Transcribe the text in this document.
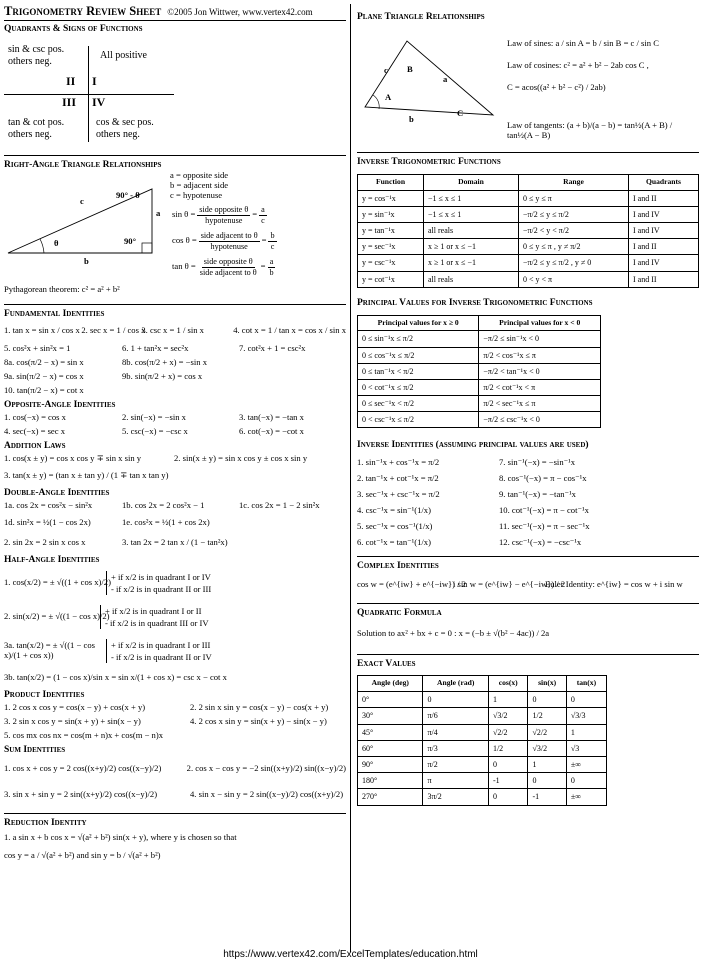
Trigonometry Review Sheet ©2005 Jon Wittwer, www.vertex42.com
Quadrants & Signs of Functions
sin & csc pos.
others neg.
All positive
II I
III IV
tan & cot pos.
others neg.
cos & sec pos.
others neg.
Right-Angle Triangle Relationships
c
a
b
90° - θ
θ	90°
a = opposite side
b = adjacent side
c = hypotenuse
$\sin \theta = \frac{\text{side opposite θ}}{\text{hypotenuse}} = \frac{a}{c}$
$\cos \theta = \frac{\text{side adjacent to θ}}{\text{hypotenuse}} = \frac{b}{c}$
$\tan \theta = \frac{\text{side opposite θ}}{\text{side adjacent to θ}} = \frac{a}{b}$
Pythagorean theorem: c² = a² + b²
Fundamental Identities
1. tan x = sin x / cos x 2. sec x = 1 / cos x
3. csc x = 1 / sin x	4. cot x = 1 / tan x = cos x / sin x
5. cos²x + sin²x = 1	6. 1 + tan²x = sec²x	7. cot²x + 1 = csc²x
8a. cos(π/2 − x) = sin x	8b. cos(π/2 + x) = −sin x
9a. sin(π/2 − x) = cos x	9b. sin(π/2 + x) = cos x
10. tan(π/2 − x) = cot x
Opposite-Angle Identities
1. cos(−x) = cos x	2. sin(−x) = −sin x	3. tan(−x) = −tan x
4. sec(−x) = sec x	5. csc(−x) = −csc x	6. cot(−x) = −cot x
Addition Laws
1. cos(x ± y) = cos x cos y ∓ sin x sin y	2. sin(x ± y) = sin x cos y ± cos x sin y
3. tan(x ± y) = (tan x ± tan y) / (1 ∓ tan x tan y)
Double-Angle Identities
1a. cos 2x = cos²x − sin²x	1b. cos 2x = 2 cos²x − 1	1c. cos 2x = 1 − 2 sin²x
1d. sin²x = ½(1 − cos 2x)	1e. cos²x = ½(1 + cos 2x)
2. sin 2x = 2 sin x cos x	3. tan 2x = 2 tan x / (1 − tan²x)
Half-Angle Identities
1. cos(x/2) = ± √((1 + cos x)/2)
+ if x/2 is in quadrant I or IV
- if x/2 is in quadrant II or III
2. sin(x/2) = ± √((1 − cos x)/2)
+ if x/2 is in quadrant I or II
- if x/2 is in quadrant III or IV
3a. tan(x/2) = ± √((1 − cos x)/(1 + cos x))
+ if x/2 is in quadrant I or III
- if x/2 is in quadrant II or IV
3b. tan(x/2) = (1 − cos x)/sin x = sin x/(1 + cos x) = csc x − cot x
Product Identities
1. 2 cos x cos y = cos(x − y) + cos(x + y)	2. 2 sin x sin y = cos(x − y) − cos(x + y)
3. 2 sin x cos y = sin(x + y) + sin(x − y)	4. 2 cos x sin y = sin(x + y) − sin(x − y)
5. cos mx cos nx = cos(m + n)x + cos(m − n)x
Sum Identities
1. cos x + cos y = 2 cos((x+y)/2) cos((x−y)/2)	2. cos x − cos y = −2 sin((x+y)/2) sin((x−y)/2)
3. sin x + sin y = 2 sin((x+y)/2) cos((x−y)/2)	4. sin x − sin y = 2 sin((x−y)/2) cos((x+y)/2)
Reduction Identity
1. a sin x + b cos x = √(a² + b²) sin(x + y), where y is chosen so that
cos y = a / √(a² + b²) and sin y = b / √(a² + b²)
Plane Triangle Relationships
c B
a
A
C
b
Law of sines: a / sin A = b / sin B = c / sin C
Law of cosines: c² = a² + b² − 2ab cos C ,
C = acos((a² + b² − c²) / 2ab)
Law of tangents: (a + b)/(a − b) = tan½(A + B) / tan½(A − B)
Inverse Trigonometric Functions
Function	Domain	Range	Quadrants
y = cos⁻¹x	−1 ≤ x ≤ 1	0 ≤ y ≤ π	I and II
y = sin⁻¹x	−1 ≤ x ≤ 1	−π/2 ≤ y ≤ π/2	I and IV
y = tan⁻¹x	all reals	−π/2 < y < π/2	I and IV
y = sec⁻¹x	x ≥ 1 or x ≤ −1	0 ≤ y ≤ π , y ≠ π/2	I and II
y = csc⁻¹x	x ≥ 1 or x ≤ −1	−π/2 ≤ y ≤ π/2 , y ≠ 0	I and IV
y = cot⁻¹x	all reals	0 < y < π	I and II
Principal Values for Inverse Trigonometric Functions
Principal values for x ≥ 0	Principal values for x < 0
0 ≤ sin⁻¹x ≤ π/2	−π/2 ≤ sin⁻¹x < 0
0 ≤ cos⁻¹x ≤ π/2	π/2 < cos⁻¹x ≤ π
0 ≤ tan⁻¹x < π/2	−π/2 < tan⁻¹x < 0
0 < cot⁻¹x ≤ π/2	π/2 < cot⁻¹x < π
0 ≤ sec⁻¹x < π/2	π/2 < sec⁻¹x ≤ π
0 < csc⁻¹x ≤ π/2	−π/2 ≤ csc⁻¹x < 0
Inverse Identities (assuming principal values are used)
1. sin⁻¹x + cos⁻¹x = π/2
2. tan⁻¹x + cot⁻¹x = π/2
3. sec⁻¹x + csc⁻¹x = π/2
4. csc⁻¹x = sin⁻¹(1/x)
5. sec⁻¹x = cos⁻¹(1/x)
6. cot⁻¹x = tan⁻¹(1/x)
7. sin⁻¹(−x) = −sin⁻¹x
8. cos⁻¹(−x) = π − cos⁻¹x
9. tan⁻¹(−x) = −tan⁻¹x
10. cot⁻¹(−x) = π − cot⁻¹x
11. sec⁻¹(−x) = π − sec⁻¹x
12. csc⁻¹(−x) = −csc⁻¹x
Complex Identities
cos w = (e^{iw} + e^{−iw}) / 2
i sin w = (e^{iw} − e^{−iw}) / 2
Euler Identity: e^{iw} = cos w + i sin w
Quadratic Formula
Solution to ax² + bx + c = 0 : x = (−b ± √(b² − 4ac)) / 2a
Exact Values
Angle (deg)	Angle (rad)	cos(x)	sin(x)	tan(x)
0°	0	1	0	0
30°	π/6	√3/2	1/2	√3/3
45°	π/4	√2/2	√2/2	1
60°	π/3	1/2	√3/2	√3
90°	π/2	0	1	±∞
180°	π	-1	0	0
270°	3π/2	0	-1	±∞
https://www.vertex42.com/ExcelTemplates/education.html
